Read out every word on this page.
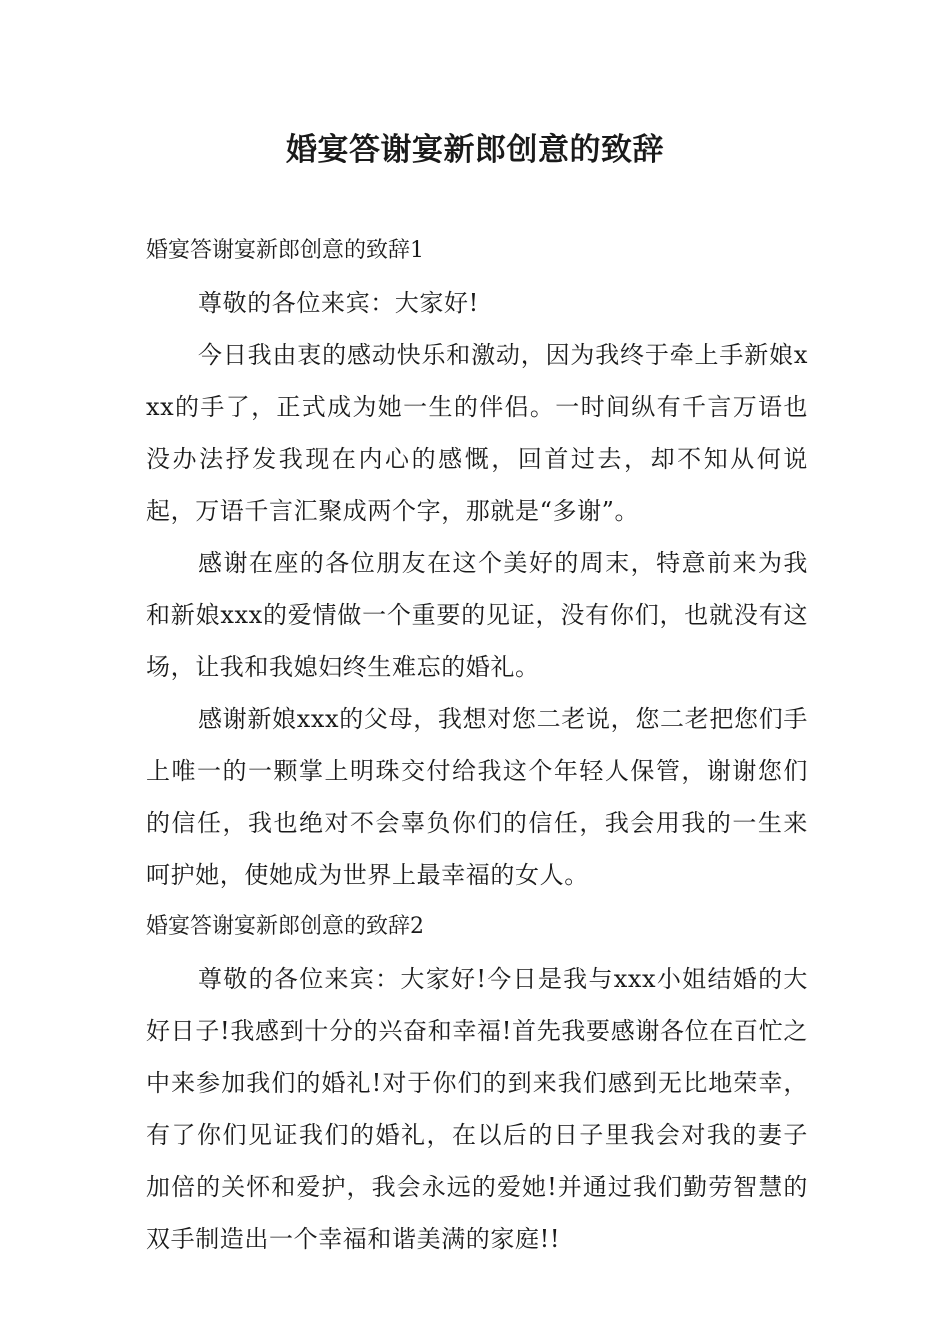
婚宴答谢宴新郎创意的致辞
婚宴答谢宴新郎创意的致辞1

尊敬的各位来宾：大家好!

今日我由衷的感动快乐和激动，因为我终于牵上手新娘xxx的手了，正式成为她一生的伴侣。一时间纵有千言万语也没办法抒发我现在内心的感慨，回首过去，却不知从何说起，万语千言汇聚成两个字，那就是“多谢”。

感谢在座的各位朋友在这个美好的周末，特意前来为我和新娘xxx的爱情做一个重要的见证，没有你们，也就没有这场，让我和我媳妇终生难忘的婚礼。

感谢新娘xxx的父母，我想对您二老说，您二老把您们手上唯一的一颗掌上明珠交付给我这个年轻人保管，谢谢您们的信任，我也绝对不会辜负你们的信任，我会用我的一生来呵护她，使她成为世界上最幸福的女人。

婚宴答谢宴新郎创意的致辞2

尊敬的各位来宾：大家好!今日是我与xxx小姐结婚的大好日子!我感到十分的兴奋和幸福!首先我要感谢各位在百忙之中来参加我们的婚礼!对于你们的到来我们感到无比地荣幸，有了你们见证我们的婚礼，在以后的日子里我会对我的妻子加倍的关怀和爱护，我会永远的爱她!并通过我们勤劳智慧的双手制造出一个幸福和谐美满的家庭!!
